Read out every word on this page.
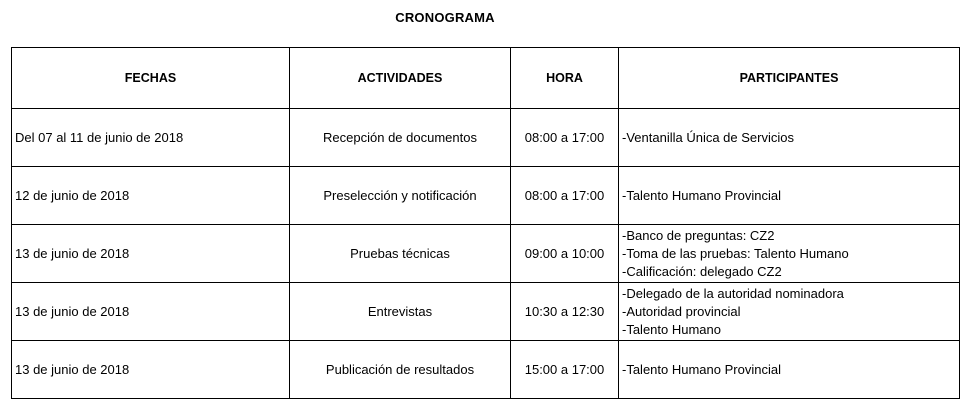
CRONOGRAMA
FECHAS	ACTIVIDADES	HORA	PARTICIPANTES
Del 07 al 11 de junio de 2018	Recepción de documentos	08:00 a 17:00	-Ventanilla Única de Servicios

12 de junio de 2018	Preselección y notificación	08:00 a 17:00	-Talento Humano Provincial

13 de junio de 2018	Pruebas técnicas	09:00 a 10:00	-Banco de preguntas: CZ2
-Toma de las pruebas: Talento Humano
-Calificación: delegado CZ2

13 de junio de 2018	Entrevistas	10:30 a 12:30	-Delegado de la autoridad nominadora
-Autoridad provincial
-Talento Humano

13 de junio de 2018	Publicación de resultados	15:00 a 17:00	-Talento Humano Provincial
